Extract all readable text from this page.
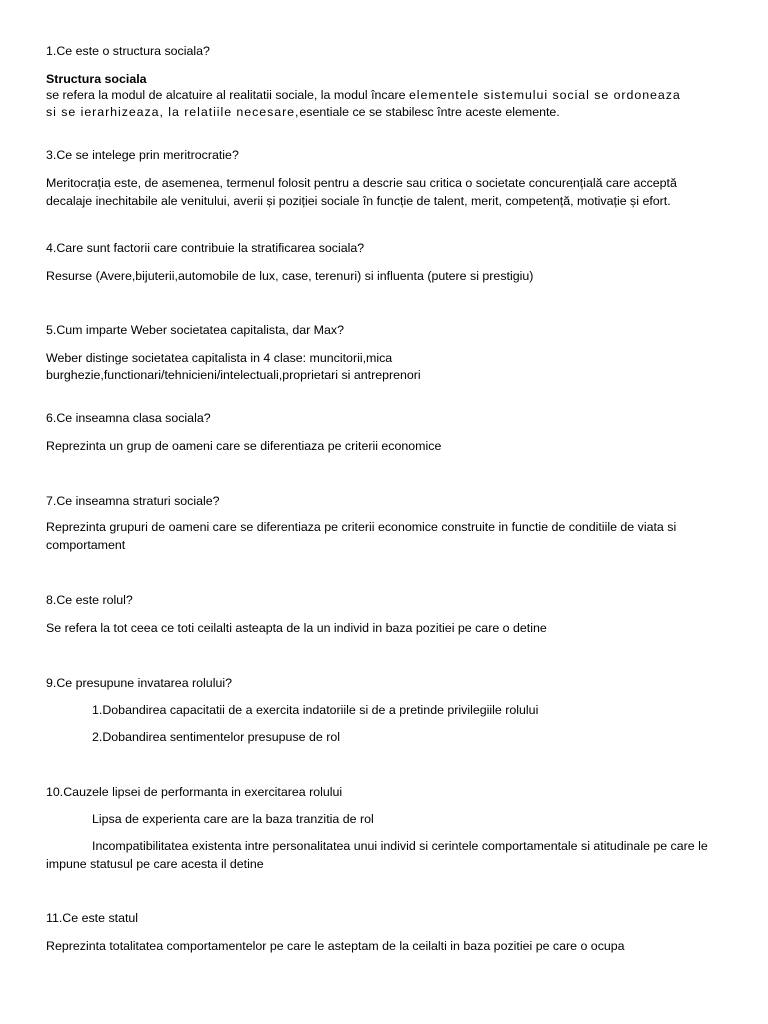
1.Ce este o structura sociala?

Structura sociala

se refera la modul de alcatuire al realitatii sociale, la modul încare elementele sistemului social se ordoneaza

si se ierarhizeaza, la relatiile necesare,esentiale ce se stabilesc între aceste elemente.

3.Ce se intelege prin meritrocratie?

Meritocrația este, de asemenea, termenul folosit pentru a descrie sau critica o societate concurențială care acceptă decalaje inechitabile ale venitului, averii și poziției sociale în funcție de talent, merit, competență, motivație și efort.

4.Care sunt factorii care contribuie la stratificarea sociala?

Resurse (Avere,bijuterii,automobile de lux, case, terenuri) si influenta (putere si prestigiu)

5.Cum imparte Weber societatea capitalista, dar Max?

Weber distinge societatea capitalista in 4 clase: muncitorii,mica

burghezie,functionari/tehnicieni/intelectuali,proprietari si antreprenori

6.Ce inseamna clasa sociala?

Reprezinta un grup de oameni care se diferentiaza pe criterii economice

7.Ce inseamna straturi sociale?

Reprezinta grupuri de oameni care se diferentiaza pe criterii economice construite in functie de conditiile de viata si comportament

8.Ce este rolul?

Se refera la tot ceea ce toti ceilalti asteapta de la un individ in baza pozitiei pe care o detine

9.Ce presupune invatarea rolului?

1.Dobandirea capacitatii de a exercita indatoriile si de a pretinde privilegiile rolului

2.Dobandirea sentimentelor presupuse de rol

10.Cauzele lipsei de performanta in exercitarea rolului

Lipsa de experienta care are la baza tranzitia de rol

Incompatibilitatea existenta intre personalitatea unui individ si cerintele comportamentale si atitudinale pe care le impune statusul pe care acesta il detine

11.Ce este statul

Reprezinta totalitatea comportamentelor pe care le asteptam de la ceilalti in baza pozitiei pe care o ocupa
